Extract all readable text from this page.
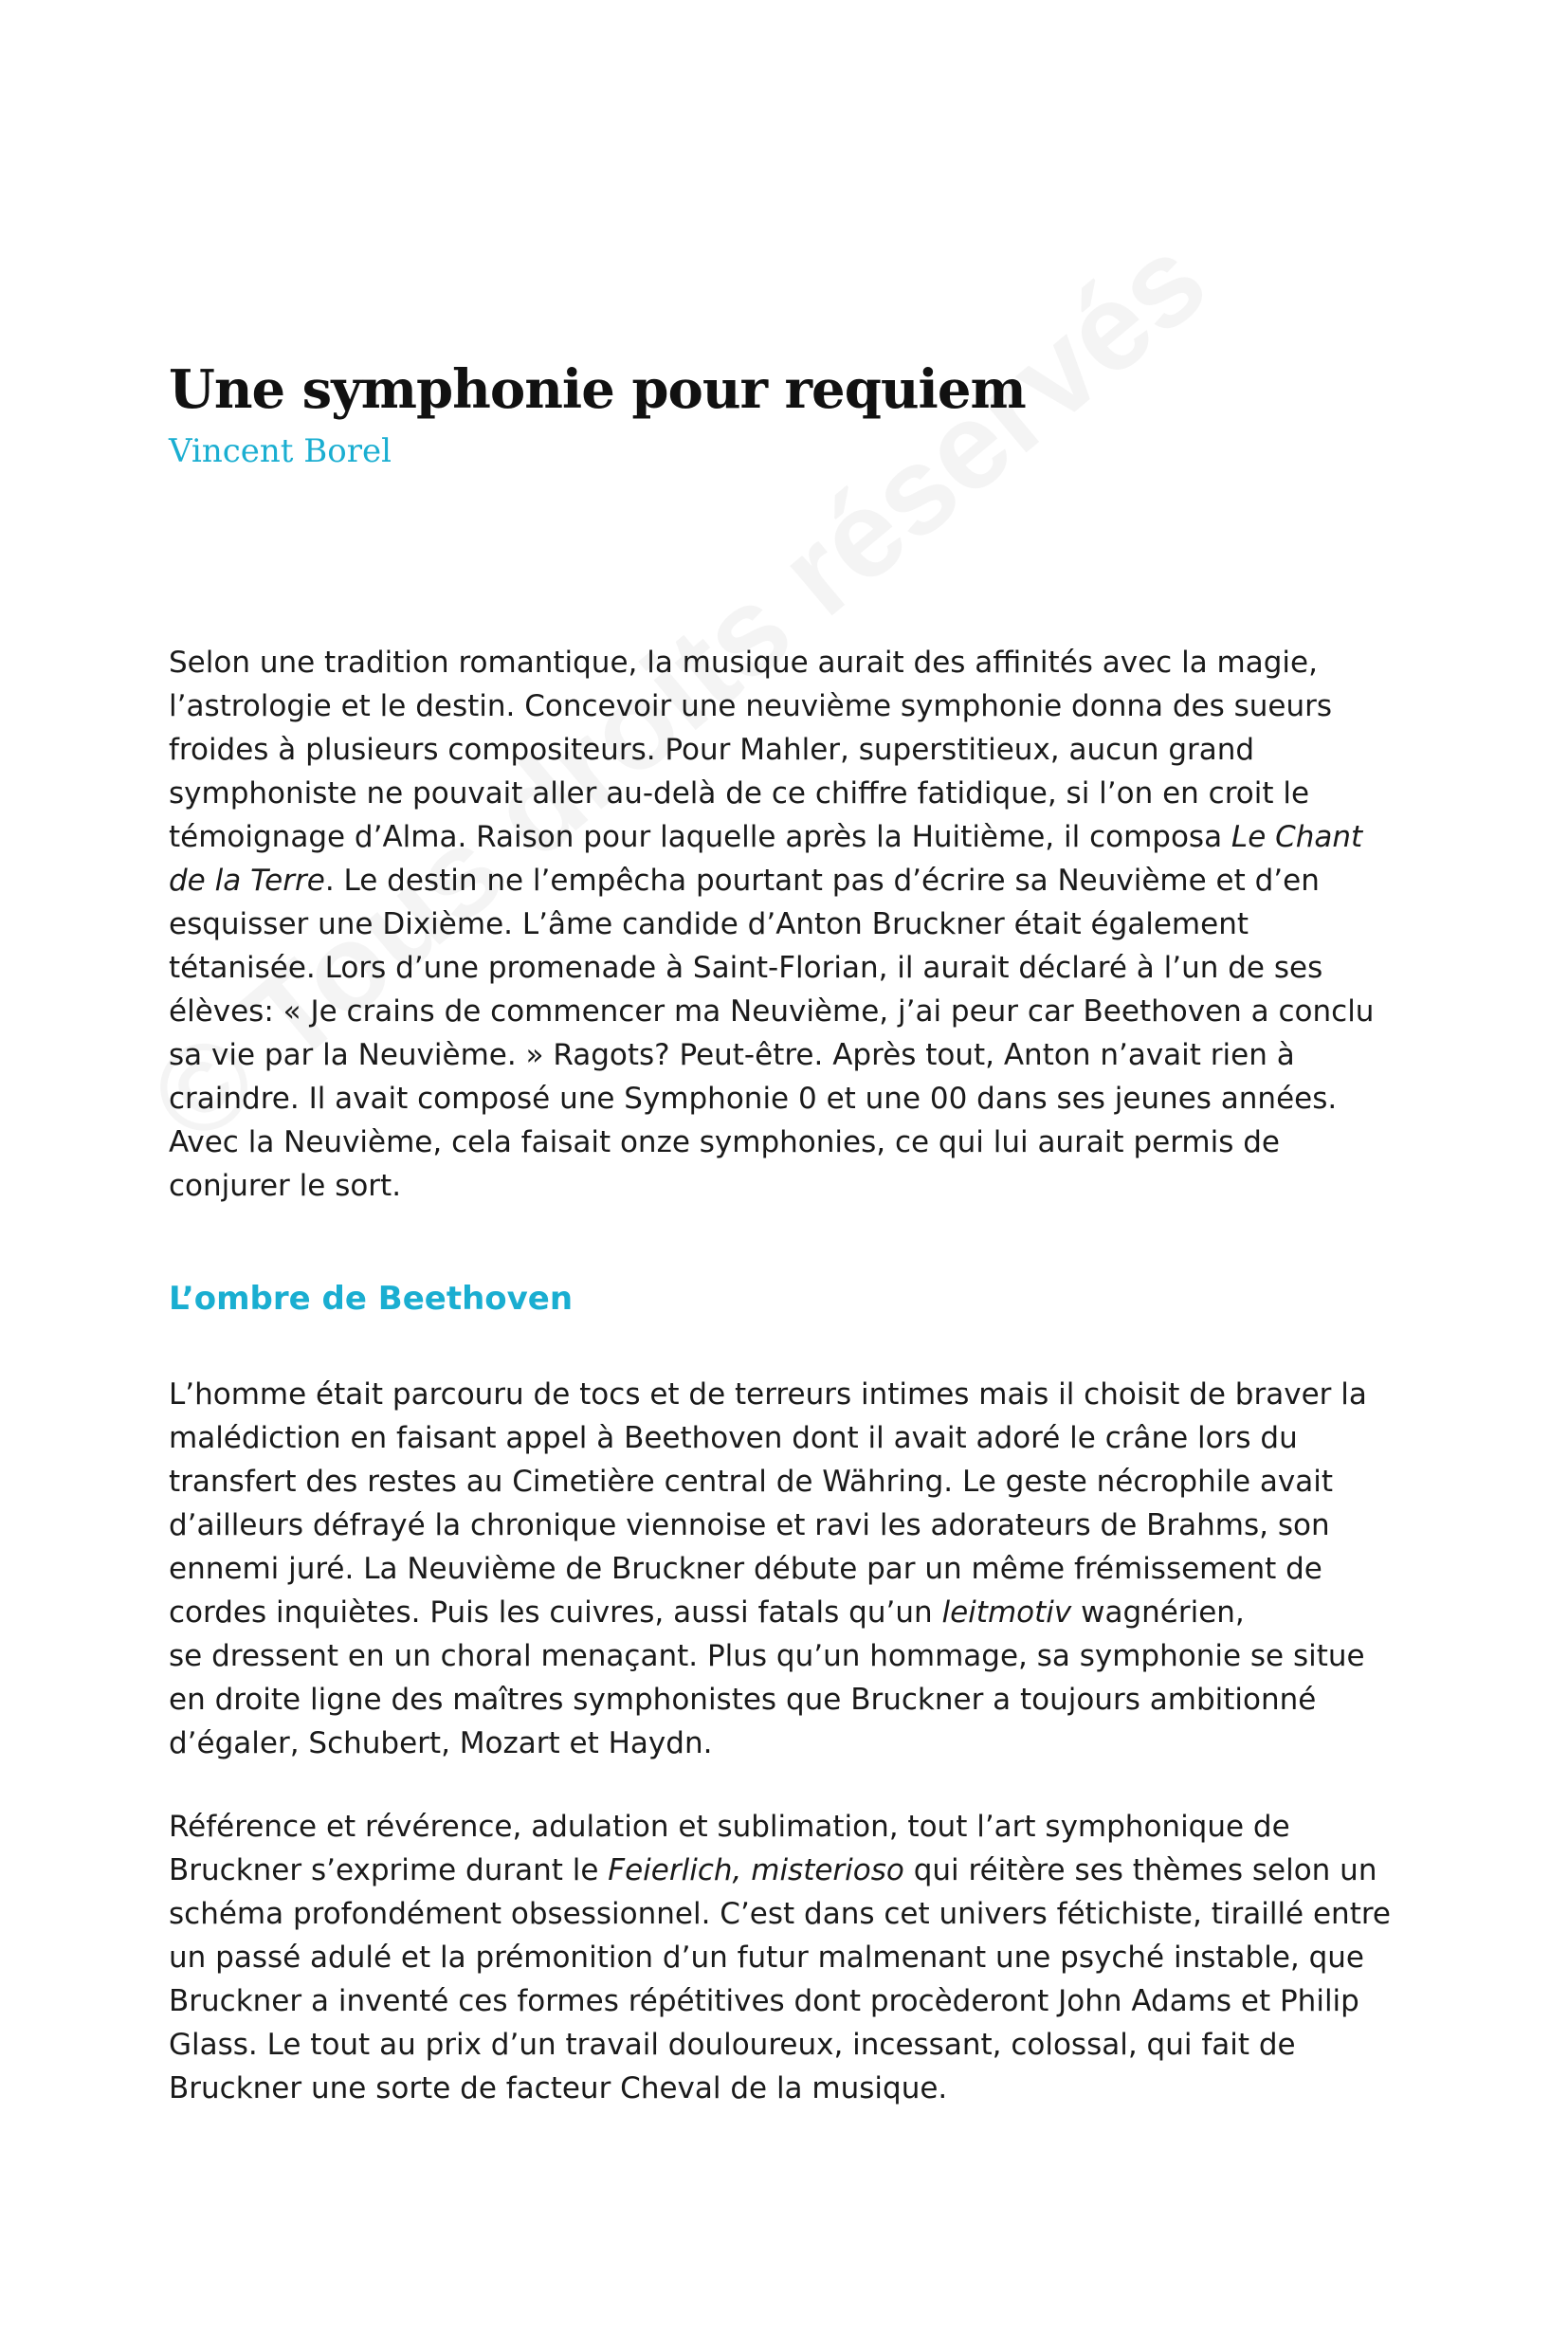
Une symphonie pour requiem

Vincent Borel

Selon une tradition romantique, la musique aurait des affinités avec la magie,
l’astrologie et le destin. Concevoir une neuvième symphonie donna des sueurs
froides à plusieurs compositeurs. Pour Mahler, superstitieux, aucun grand
symphoniste ne pouvait aller au-delà de ce chiffre fatidique, si l’on en croit le
témoignage d’Alma. Raison pour laquelle après la Huitième, il composa Le Chant
de la Terre. Le destin ne l’empêcha pourtant pas d’écrire sa Neuvième et d’en
esquisser une Dixième. L’âme candide d’Anton Bruckner était également
tétanisée. Lors d’une promenade à Saint-Florian, il aurait déclaré à l’un de ses
élèves: « Je crains de commencer ma Neuvième, j’ai peur car Beethoven a conclu
sa vie par la Neuvième. » Ragots? Peut-être. Après tout, Anton n’avait rien à
craindre. Il avait composé une Symphonie 0 et une 00 dans ses jeunes années.
Avec la Neuvième, cela faisait onze symphonies, ce qui lui aurait permis de
conjurer le sort.
L’ombre de Beethoven
L’homme était parcouru de tocs et de terreurs intimes mais il choisit de braver la
malédiction en faisant appel à Beethoven dont il avait adoré le crâne lors du
transfert des restes au Cimetière central de Währing. Le geste nécrophile avait
d’ailleurs défrayé la chronique viennoise et ravi les adorateurs de Brahms, son
ennemi juré. La Neuvième de Bruckner débute par un même frémissement de
cordes inquiètes. Puis les cuivres, aussi fatals qu’un leitmotiv wagnérien,
se dressent en un choral menaçant. Plus qu’un hommage, sa symphonie se situe
en droite ligne des maîtres symphonistes que Bruckner a toujours ambitionné
d’égaler, Schubert, Mozart et Haydn.
Référence et révérence, adulation et sublimation, tout l’art symphonique de
Bruckner s’exprime durant le Feierlich, misterioso qui réitère ses thèmes selon un
schéma profondément obsessionnel. C’est dans cet univers fétichiste, tiraillé entre
un passé adulé et la prémonition d’un futur malmenant une psyché instable, que
Bruckner a inventé ces formes répétitives dont procèderont John Adams et Philip
Glass. Le tout au prix d’un travail douloureux, incessant, colossal, qui fait de
Bruckner une sorte de facteur Cheval de la musique.
